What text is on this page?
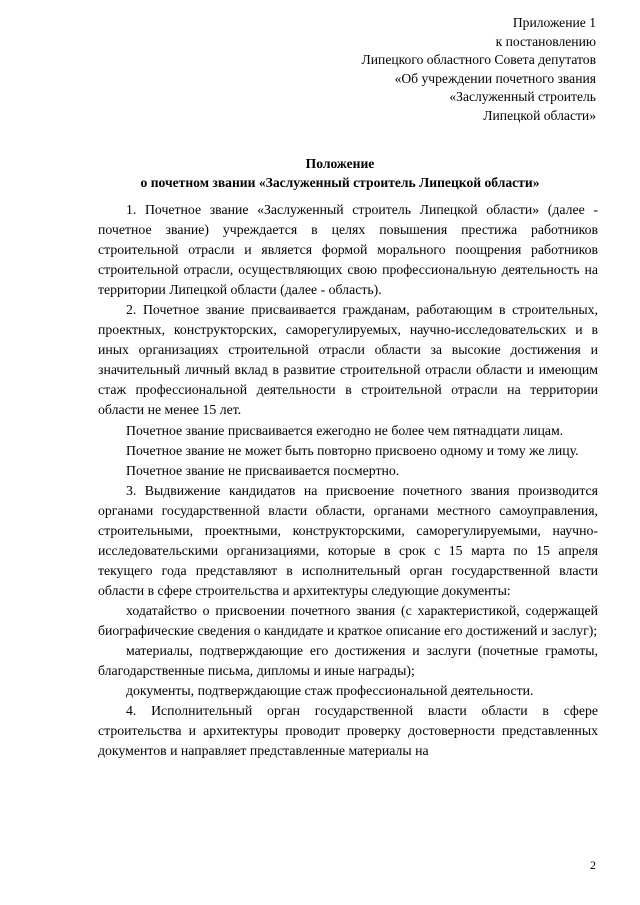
Приложение 1
к постановлению
Липецкого областного Совета депутатов
«Об учреждении почетного звания
«Заслуженный строитель
Липецкой области»
Положение
о почетном звании «Заслуженный строитель Липецкой области»

1. Почетное звание «Заслуженный строитель Липецкой области» (далее - почетное звание) учреждается в целях повышения престижа работников строительной отрасли и является формой морального поощрения работников строительной отрасли, осуществляющих свою профессиональную деятельность на территории Липецкой области (далее - область).

2. Почетное звание присваивается гражданам, работающим в строительных, проектных, конструкторских, саморегулируемых, научно-исследовательских и в иных организациях строительной отрасли области за высокие достижения и значительный личный вклад в развитие строительной отрасли области и имеющим стаж профессиональной деятельности в строительной отрасли на территории области не менее 15 лет.

Почетное звание присваивается ежегодно не более чем пятнадцати лицам.

Почетное звание не может быть повторно присвоено одному и тому же лицу.

Почетное звание не присваивается посмертно.

3. Выдвижение кандидатов на присвоение почетного звания производится органами государственной власти области, органами местного самоуправления, строительными, проектными, конструкторскими, саморегулируемыми, научно-исследовательскими организациями, которые в срок с 15 марта по 15 апреля текущего года представляют в исполнительный орган государственной власти области в сфере строительства и архитектуры следующие документы:

ходатайство о присвоении почетного звания (с характеристикой, содержащей биографические сведения о кандидате и краткое описание его достижений и заслуг);

материалы, подтверждающие его достижения и заслуги (почетные грамоты, благодарственные письма, дипломы и иные награды);

документы, подтверждающие стаж профессиональной деятельности.

4. Исполнительный орган государственной власти области в сфере строительства и архитектуры проводит проверку достоверности представленных документов и направляет представленные материалы на

2
